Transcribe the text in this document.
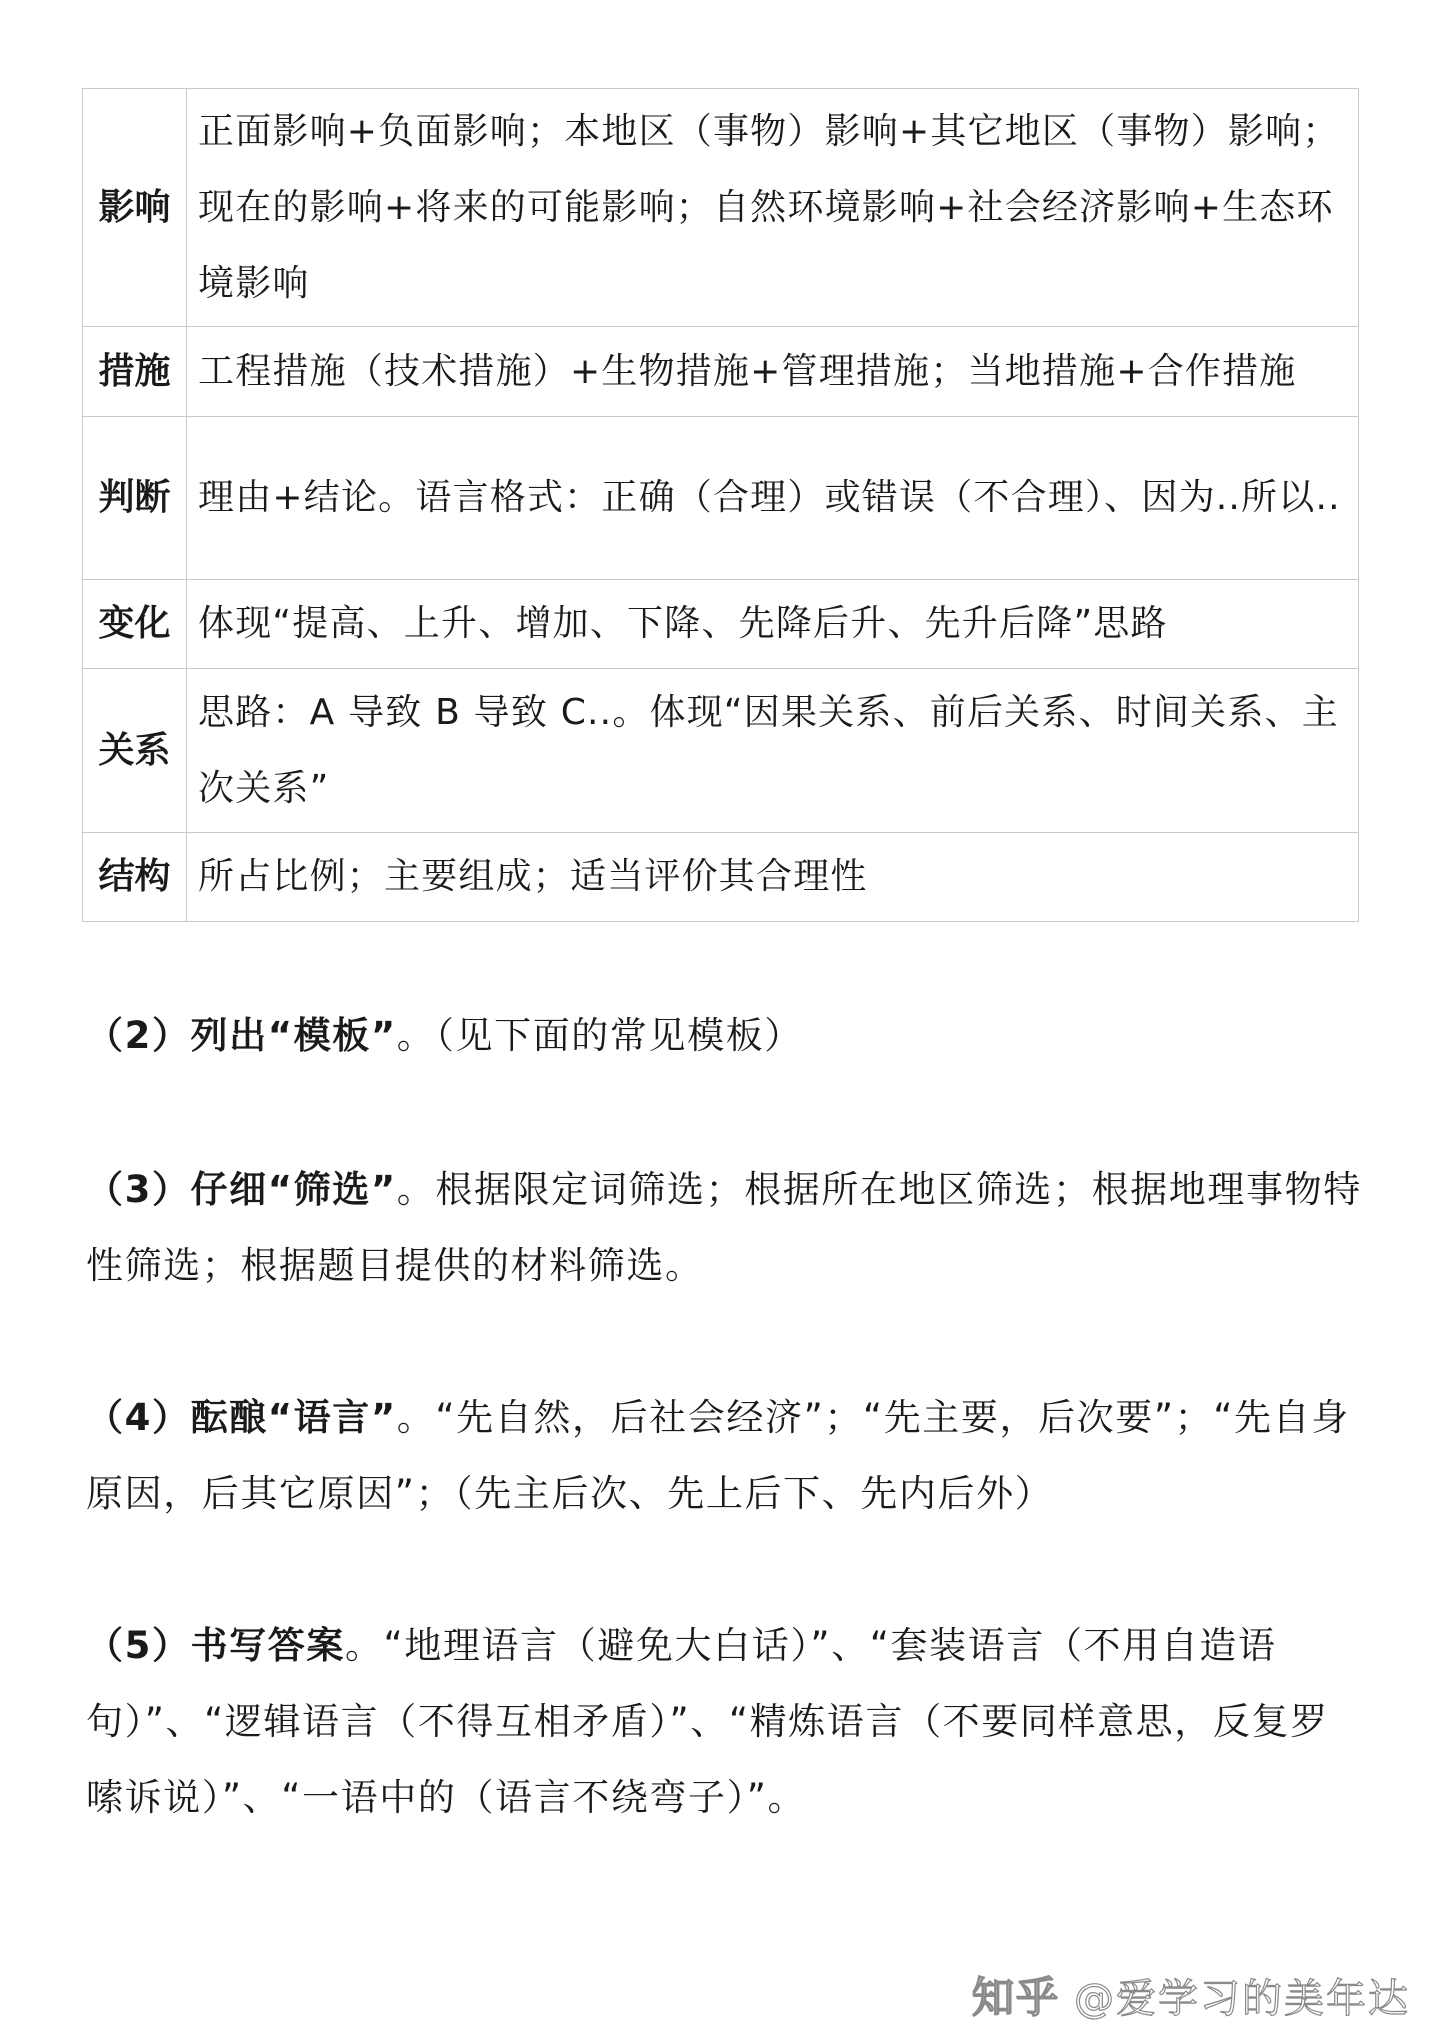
影响	正面影响+负面影响；本地区（事物）影响+其它地区（事物）影响；现在的影响+将来的可能影响；自然环境影响+社会经济影响+生态环境影响
措施	工程措施（技术措施）+生物措施+管理措施；当地措施+合作措施
判断	理由+结论。语言格式：正确（合理）或错误（不合理）、因为..所以..
变化	体现“提高、上升、增加、下降、先降后升、先升后降”思路
关系	思路：A 导致 B 导致 C..。体现“因果关系、前后关系、时间关系、主次关系”
结构	所占比例；主要组成；适当评价其合理性

（2）列出“模板”。（见下面的常见模板）

（3）仔细“筛选”。根据限定词筛选；根据所在地区筛选；根据地理事物特性筛选；根据题目提供的材料筛选。

（4）酝酿“语言”。“先自然，后社会经济”；“先主要，后次要”；“先自身原因，后其它原因”；（先主后次、先上后下、先内后外）

（5）书写答案。“地理语言（避免大白话）”、“套装语言（不用自造语句）”、“逻辑语言（不得互相矛盾）”、“精炼语言（不要同样意思，反复罗嗦诉说）”、“一语中的（语言不绕弯子）”。

知乎 @爱学习的美年达
